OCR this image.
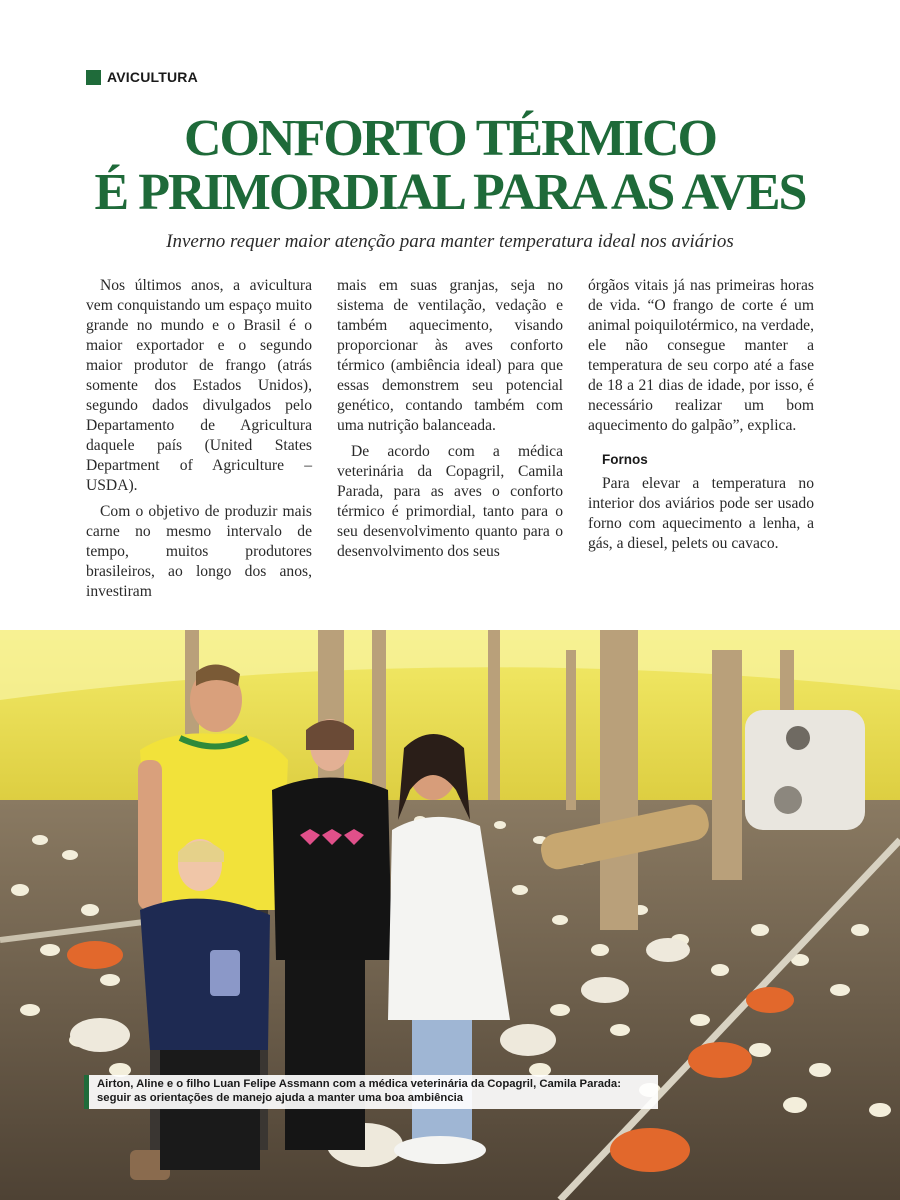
AVICULTURA
CONFORTO TÉRMICO
É PRIMORDIAL PARA AS AVES
Inverno requer maior atenção para manter temperatura ideal nos aviários

Nos últimos anos, a avicultura vem conquistando um espaço muito grande no mundo e o Brasil é o maior exportador e o segundo maior produtor de frango (atrás somente dos Estados Unidos), segundo dados divulgados pelo Departamento de Agricultura daquele país (United States Department of Agriculture – USDA).

Com o objetivo de produzir mais carne no mesmo intervalo de tempo, muitos produtores brasileiros, ao longo dos anos, investiram

mais em suas granjas, seja no sistema de ventilação, vedação e também aquecimento, visando proporcionar às aves conforto térmico (ambiência ideal) para que essas demonstrem seu potencial genético, contando também com uma nutrição balanceada.

De acordo com a médica veterinária da Copagril, Camila Parada, para as aves o conforto térmico é primordial, tanto para o seu desenvolvimento quanto para o desenvolvimento dos seus

órgãos vitais já nas primeiras horas de vida. “O frango de corte é um animal poiquilotérmico, na verdade, ele não consegue manter a temperatura de seu corpo até a fase de 18 a 21 dias de idade, por isso, é necessário realizar um bom aquecimento do galpão”, explica.

Fornos

Para elevar a temperatura no interior dos aviários pode ser usado forno com aquecimento a lenha, a gás, a diesel, pelets ou cavaco.

Airton, Aline e o filho Luan Felipe Assmann com a médica veterinária da Copagril, Camila Parada: seguir as orientações de manejo ajuda a manter uma boa ambiência
